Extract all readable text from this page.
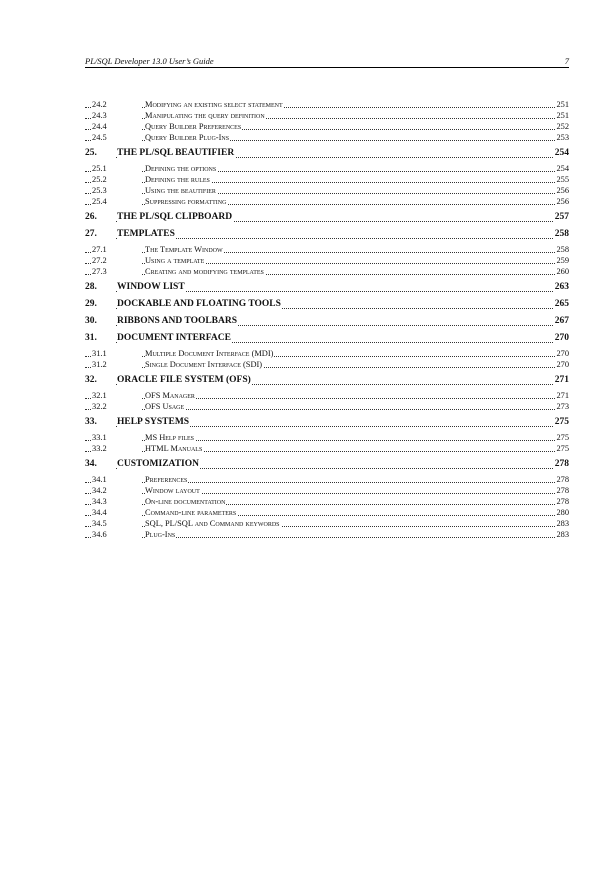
PL/SQL Developer 13.0 User’s Guide	7
24.2	Modifying an existing select statement	251
24.3	Manipulating the query definition	251
24.4	Query Builder Preferences	252
24.5	Query Builder Plug-Ins	253
25.	THE PL/SQL BEAUTIFIER	254
25.1	Defining the options	254
25.2	Defining the rules	255
25.3	Using the beautifier	256
25.4	Suppressing formatting	256
26.	THE PL/SQL CLIPBOARD	257
27.	TEMPLATES	258
27.1	The Template Window	258
27.2	Using a template	259
27.3	Creating and modifying templates	260
28.	WINDOW LIST	263
29.	DOCKABLE AND FLOATING TOOLS	265
30.	RIBBONS AND TOOLBARS	267
31.	DOCUMENT INTERFACE	270
31.1	Multiple Document Interface (MDI)	270
31.2	Single Document Interface (SDI)	270
32.	ORACLE FILE SYSTEM (OFS)	271
32.1	OFS Manager	271
32.2	OFS Usage	273
33.	HELP SYSTEMS	275
33.1	MS Help files	275
33.2	HTML Manuals	275
34.	CUSTOMIZATION	278
34.1	Preferences	278
34.2	Window layout	278
34.3	On-line documentation	278
34.4	Command-line parameters	280
34.5	SQL, PL/SQL and Command keywords	283
34.6	Plug-Ins	283
